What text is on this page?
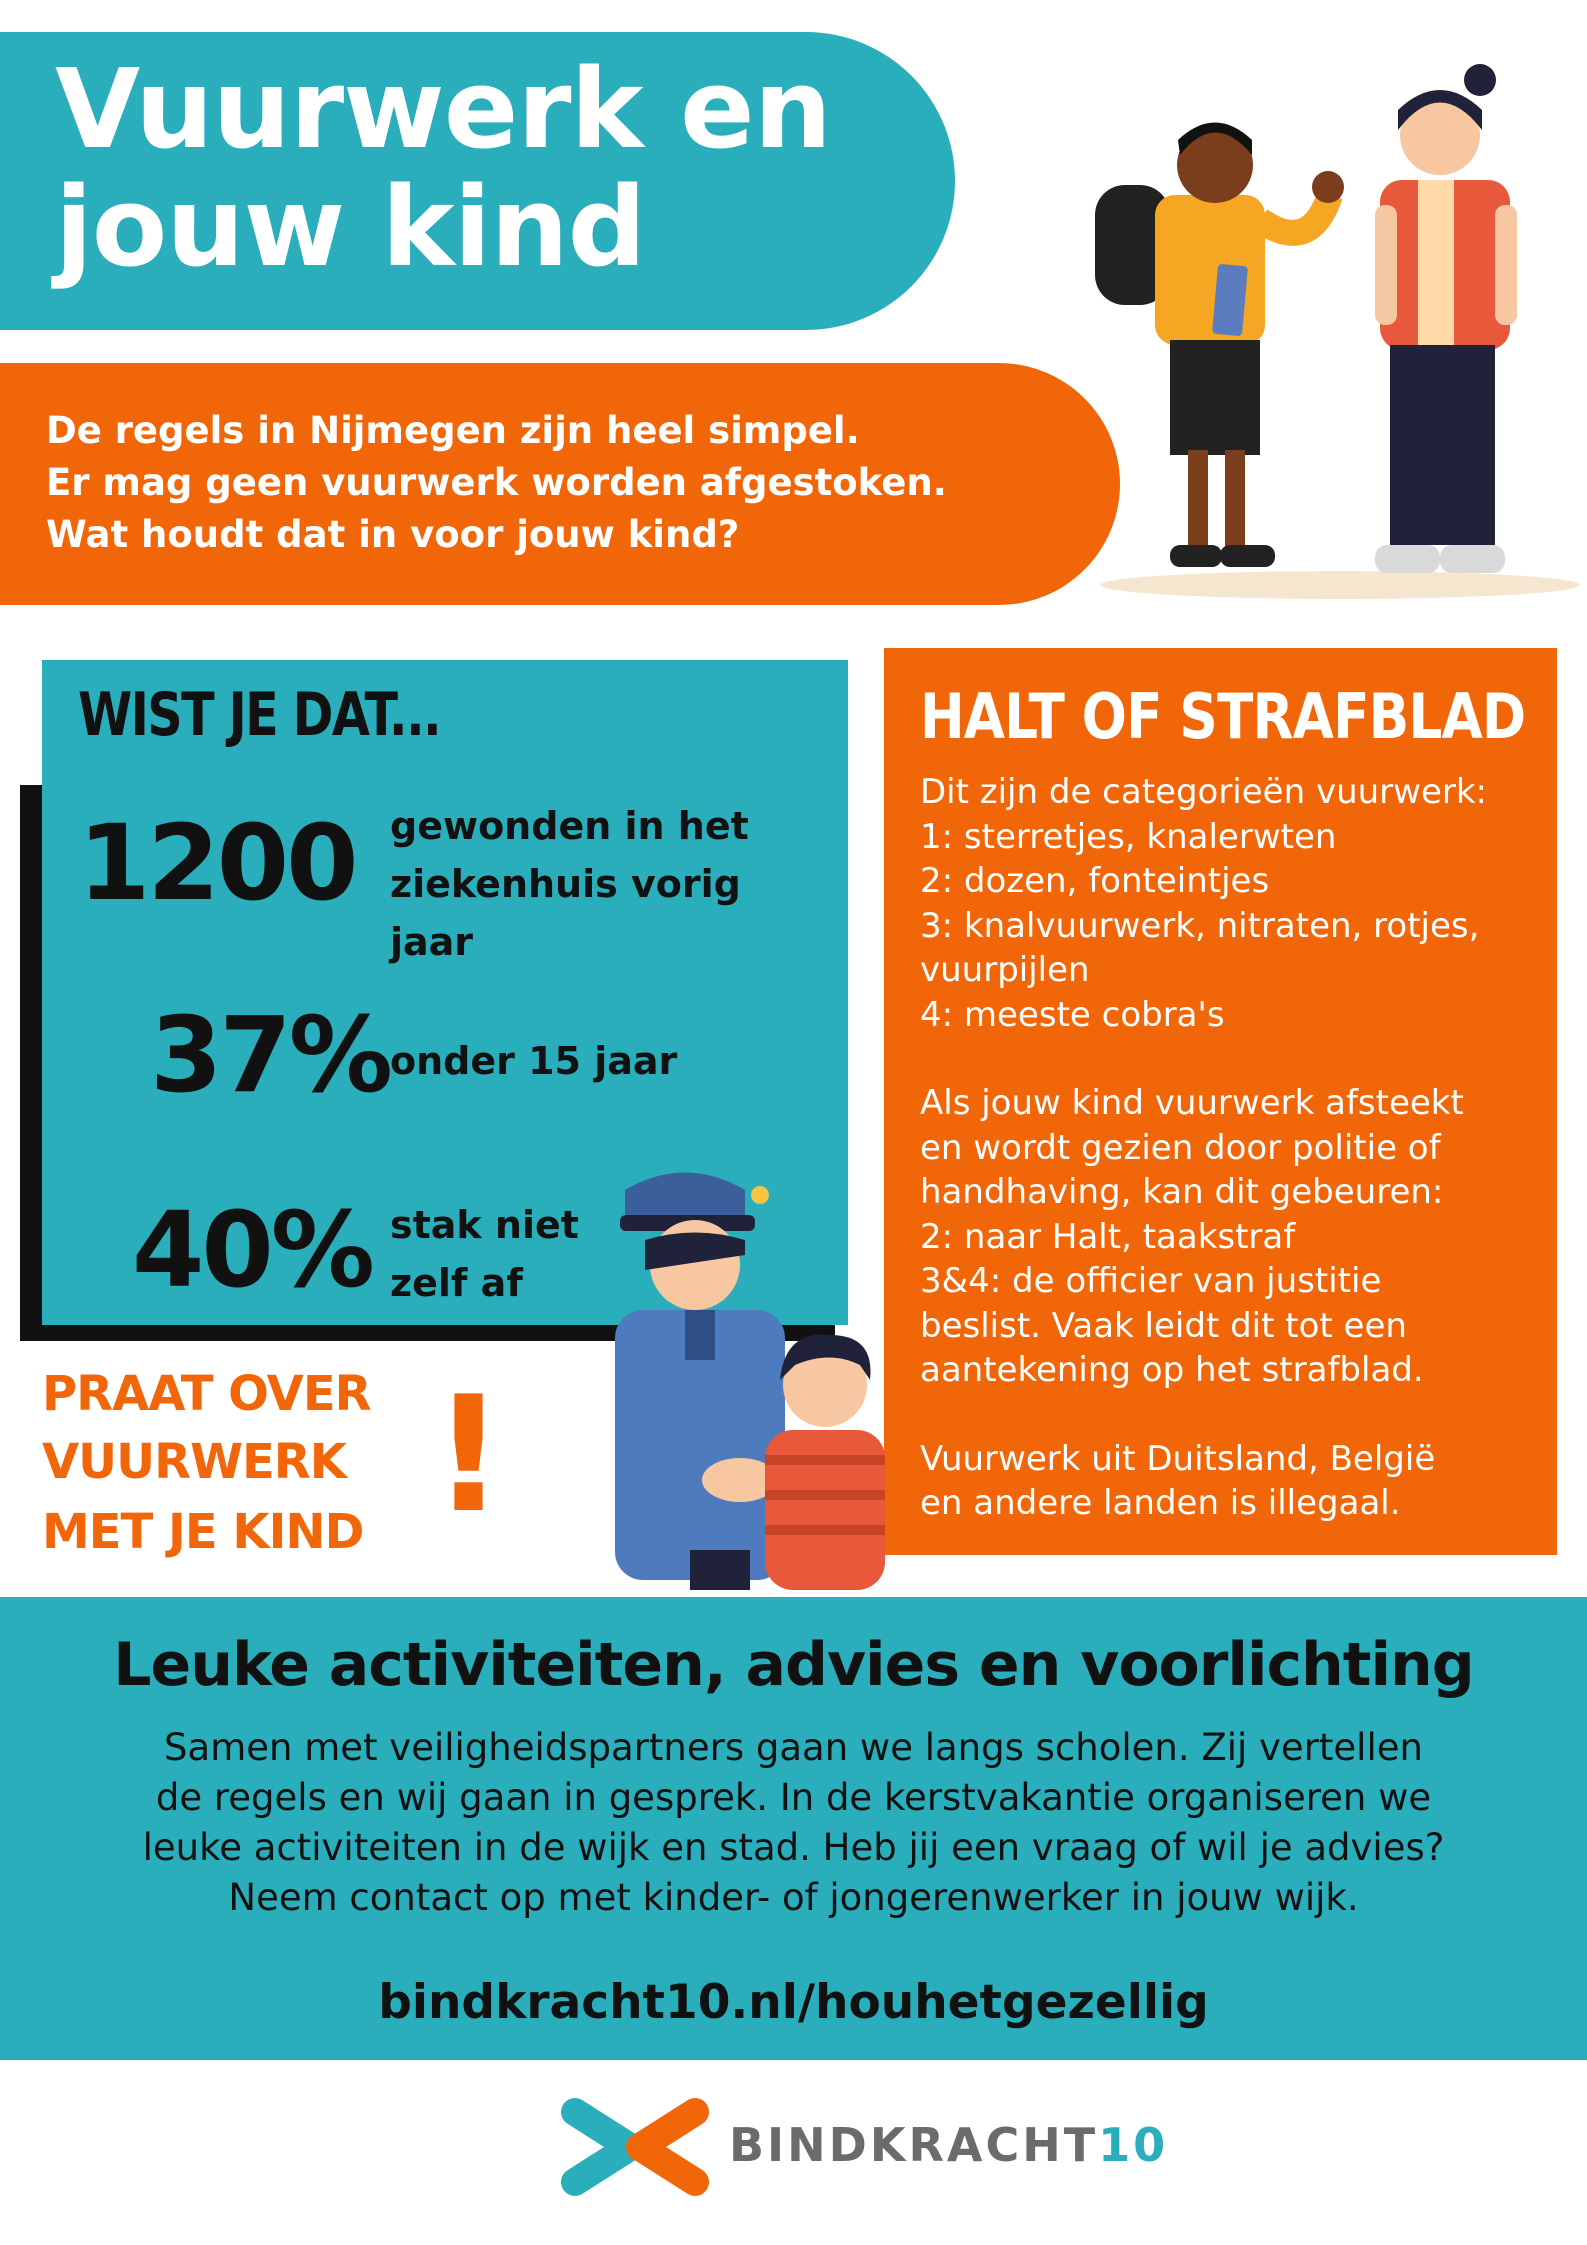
Vuurwerk en
jouw kind
De regels in Nijmegen zijn heel simpel.
Er mag geen vuurwerk worden afgestoken.
Wat houdt dat in voor jouw kind?
WIST JE DAT...
1200 gewonden in het
ziekenhuis vorig
jaar
37% onder 15 jaar
40% stak niet
zelf af
HALT OF STRAFBLAD
Dit zijn de categorieën vuurwerk:
1: sterretjes, knalerwten
2: dozen, fonteintjes
3: knalvuurwerk, nitraten, rotjes,
vuurpijlen
4: meeste cobra's
Als jouw kind vuurwerk afsteekt
en wordt gezien door politie of
handhaving, kan dit gebeuren:
2: naar Halt, taakstraf
3&4: de officier van justitie
beslist. Vaak leidt dit tot een
aantekening op het strafblad.
Vuurwerk uit Duitsland, België
en andere landen is illegaal.
PRAAT OVER
VUURWERK
MET JE KIND !
Leuke activiteiten, advies en voorlichting
Samen met veiligheidspartners gaan we langs scholen. Zij vertellen
de regels en wij gaan in gesprek. In de kerstvakantie organiseren we
leuke activiteiten in de wijk en stad. Heb jij een vraag of wil je advies?
Neem contact op met kinder- of jongerenwerker in jouw wijk.
bindkracht10.nl/houhetgezellig
BINDKRACHT10
